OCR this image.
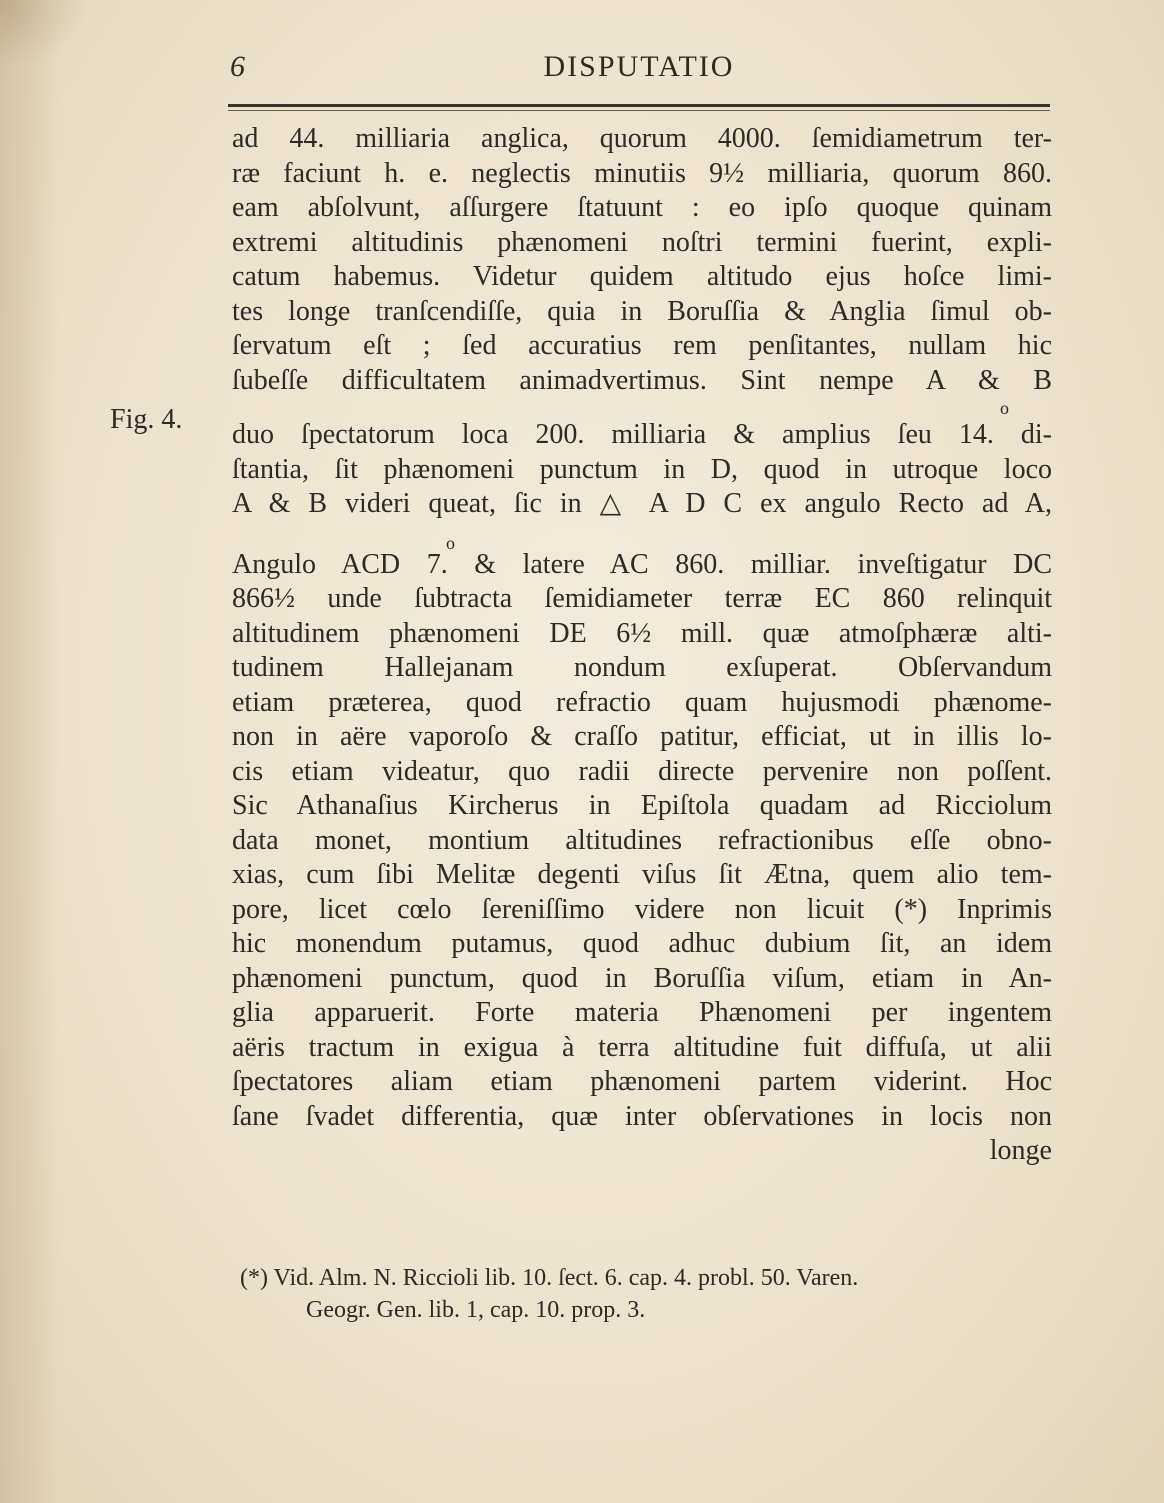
6	DISPUTATIO
Fig. 4.
ad 44. milliaria anglica, quorum 4000. ſemidiametrum ter-
ræ faciunt h. e. neglectis minutiis 9½ milliaria, quorum 860.
eam abſolvunt, aſſurgere ſtatuunt : eo ipſo quoque quinam
extremi altitudinis phænomeni noſtri termini fuerint, expli-
catum habemus. Videtur quidem altitudo ejus hoſce limi-
tes longe tranſcendiſſe, quia in Boruſſia & Anglia ſimul ob-
ſervatum eſt ; ſed accuratius rem penſitantes, nullam hic
ſubeſſe difficultatem animadvertimus. Sint nempe A & B
o
duo ſpectatorum loca 200. milliaria & amplius ſeu 14. di-
ſtantia, ſit phænomeni punctum in D, quod in utroque loco
A & B videri queat, ſic in △ A D C ex angulo Recto ad A,
o
Angulo ACD 7. & latere AC 860. milliar. inveſtigatur DC
866½ unde ſubtracta ſemidiameter terræ EC 860 relinquit
altitudinem phænomeni DE 6½ mill. quæ atmoſphæræ alti-
tudinem Hallejanam nondum exſuperat. Obſervandum
etiam præterea, quod refractio quam hujusmodi phænome-
non in aëre vaporoſo & craſſo patitur, efficiat, ut in illis lo-
cis etiam videatur, quo radii directe pervenire non poſſent.
Sic Athanaſius Kircherus in Epiſtola quadam ad Ricciolum
data monet, montium altitudines refractionibus eſſe obno-
xias, cum ſibi Melitæ degenti viſus ſit Ætna, quem alio tem-
pore, licet cœlo ſereniſſimo videre non licuit (*) Inprimis
hic monendum putamus, quod adhuc dubium ſit, an idem
phænomeni punctum, quod in Boruſſia viſum, etiam in An-
glia apparuerit. Forte materia Phænomeni per ingentem
aëris tractum in exigua à terra altitudine fuit diffuſa, ut alii
ſpectatores aliam etiam phænomeni partem viderint. Hoc
ſane ſvadet differentia, quæ inter obſervationes in locis non
longe
(*) Vid. Alm. N. Riccioli lib. 10. ſect. 6. cap. 4. probl. 50. Varen.
Geogr. Gen. lib. 1, cap. 10. prop. 3.
